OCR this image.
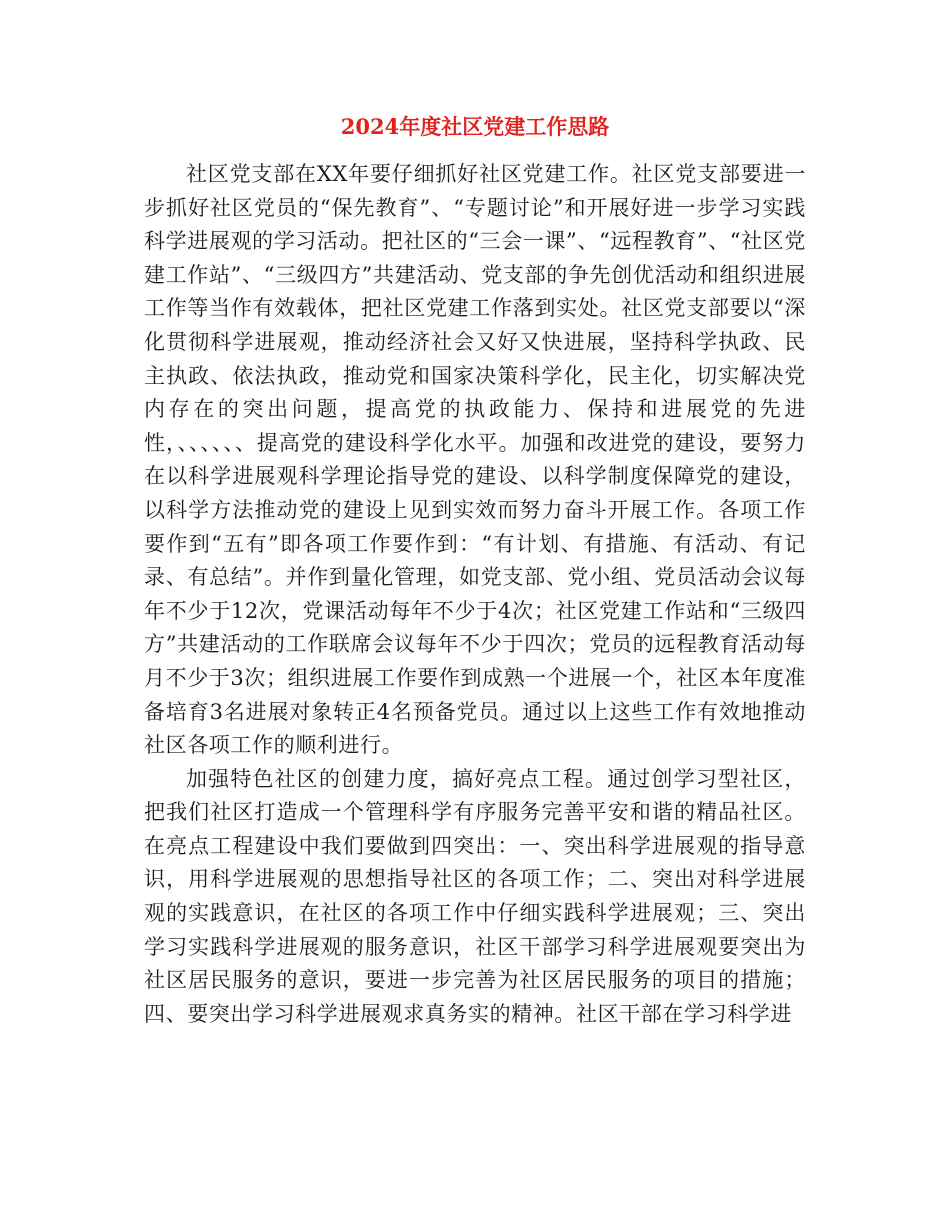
2024年度社区党建工作思路

社区党支部在XX年要仔细抓好社区党建工作。社区党支部要进一步抓好社区党员的“保先教育”、“专题讨论”和开展好进一步学习实践科学进展观的学习活动。把社区的“三会一课”、“远程教育”、“社区党建工作站”、“三级四方”共建活动、党支部的争先创优活动和组织进展工作等当作有效载体，把社区党建工作落到实处。社区党支部要以“深化贯彻科学进展观，推动经济社会又好又快进展，坚持科学执政、民主执政、依法执政，推动党和国家决策科学化，民主化，切实解决党内存在的突出问题，提高党的执政能力、保持和进展党的先进性，、、、、、、提高党的建设科学化水平。加强和改进党的建设，要努力在以科学进展观科学理论指导党的建设、以科学制度保障党的建设，以科学方法推动党的建设上见到实效而努力奋斗开展工作。各项工作要作到“五有”即各项工作要作到：“有计划、有措施、有活动、有记录、有总结”。并作到量化管理，如党支部、党小组、党员活动会议每年不少于12次，党课活动每年不少于4次；社区党建工作站和“三级四方”共建活动的工作联席会议每年不少于四次；党员的远程教育活动每月不少于3次；组织进展工作要作到成熟一个进展一个，社区本年度准备培育3名进展对象转正4名预备党员。通过以上这些工作有效地推动社区各项工作的顺利进行。

加强特色社区的创建力度，搞好亮点工程。通过创学习型社区，把我们社区打造成一个管理科学有序服务完善平安和谐的精品社区。在亮点工程建设中我们要做到四突出：一、突出科学进展观的指导意识，用科学进展观的思想指导社区的各项工作；二、突出对科学进展观的实践意识，在社区的各项工作中仔细实践科学进展观；三、突出学习实践科学进展观的服务意识，社区干部学习科学进展观要突出为社区居民服务的意识，要进一步完善为社区居民服务的项目的措施；四、要突出学习科学进展观求真务实的精神。社区干部在学习科学进
